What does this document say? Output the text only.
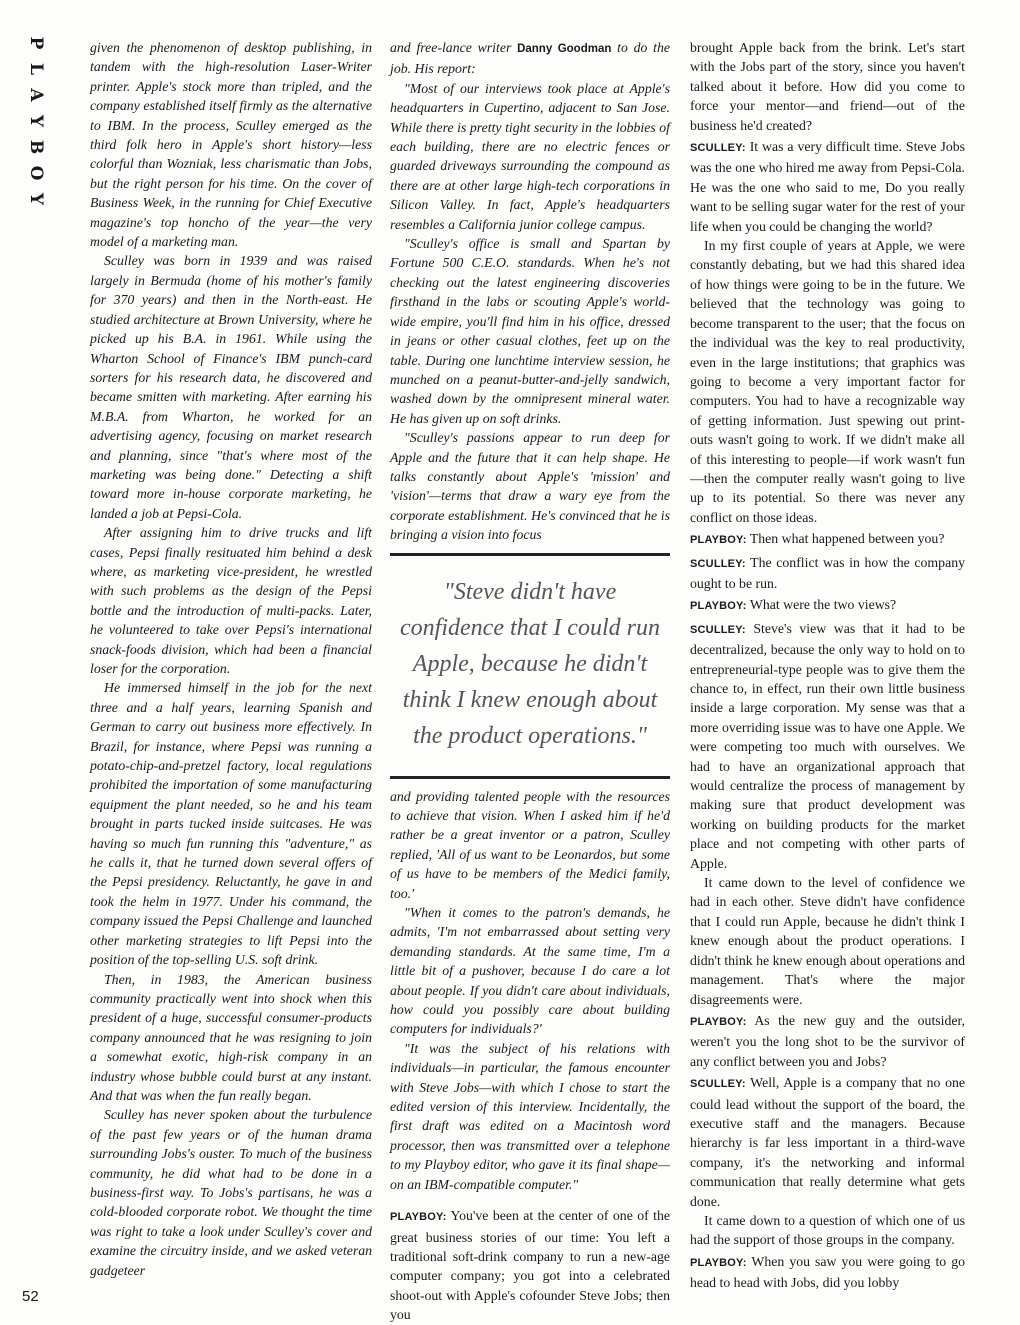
P
L
A
Y
B
O
Y
52

given the phenomenon of desktop publishing, in tandem with the high-resolution Laser-Writer printer. Apple's stock more than tripled, and the company established itself firmly as the alternative to IBM. In the process, Sculley emerged as the third folk hero in Apple's short history—less colorful than Wozniak, less charismatic than Jobs, but the right person for his time. On the cover of Business Week, in the running for Chief Executive magazine's top honcho of the year—the very model of a marketing man.

Sculley was born in 1939 and was raised largely in Bermuda (home of his mother's family for 370 years) and then in the North-east. He studied architecture at Brown University, where he picked up his B.A. in 1961. While using the Wharton School of Finance's IBM punch-card sorters for his research data, he discovered and became smitten with marketing. After earning his M.B.A. from Wharton, he worked for an advertising agency, focusing on market research and planning, since "that's where most of the marketing was being done." Detecting a shift toward more in-house corporate marketing, he landed a job at Pepsi-Cola.

After assigning him to drive trucks and lift cases, Pepsi finally resituated him behind a desk where, as marketing vice-president, he wrestled with such problems as the design of the Pepsi bottle and the introduction of multi-packs. Later, he volunteered to take over Pepsi's international snack-foods division, which had been a financial loser for the corporation.

He immersed himself in the job for the next three and a half years, learning Spanish and German to carry out business more effectively. In Brazil, for instance, where Pepsi was running a potato-chip-and-pretzel factory, local regulations prohibited the importation of some manufacturing equipment the plant needed, so he and his team brought in parts tucked inside suitcases. He was having so much fun running this "adventure," as he calls it, that he turned down several offers of the Pepsi presidency. Reluctantly, he gave in and took the helm in 1977. Under his command, the company issued the Pepsi Challenge and launched other marketing strategies to lift Pepsi into the position of the top-selling U.S. soft drink.

Then, in 1983, the American business community practically went into shock when this president of a huge, successful consumer-products company announced that he was resigning to join a somewhat exotic, high-risk company in an industry whose bubble could burst at any instant. And that was when the fun really began.

Sculley has never spoken about the turbulence of the past few years or of the human drama surrounding Jobs's ouster. To much of the business community, he did what had to be done in a business-first way. To Jobs's partisans, he was a cold-blooded corporate robot. We thought the time was right to take a look under Sculley's cover and examine the circuitry inside, and we asked veteran gadgeteer

and free-lance writer Danny Goodman to do the job. His report:

"Most of our interviews took place at Apple's headquarters in Cupertino, adjacent to San Jose. While there is pretty tight security in the lobbies of each building, there are no electric fences or guarded driveways surrounding the compound as there are at other large high-tech corporations in Silicon Valley. In fact, Apple's headquarters resembles a California junior college campus.

"Sculley's office is small and Spartan by Fortune 500 C.E.O. standards. When he's not checking out the latest engineering discoveries firsthand in the labs or scouting Apple's world-wide empire, you'll find him in his office, dressed in jeans or other casual clothes, feet up on the table. During one lunchtime interview session, he munched on a peanut-butter-and-jelly sandwich, washed down by the omnipresent mineral water. He has given up on soft drinks.

"Sculley's passions appear to run deep for Apple and the future that it can help shape. He talks constantly about Apple's 'mission' and 'vision'—terms that draw a wary eye from the corporate establishment. He's convinced that he is bringing a vision into focus

"Steve didn't have confidence that I could run Apple, because he didn't think I knew enough about the product operations."

and providing talented people with the resources to achieve that vision. When I asked him if he'd rather be a great inventor or a patron, Sculley replied, 'All of us want to be Leonardos, but some of us have to be members of the Medici family, too.'

"When it comes to the patron's demands, he admits, 'I'm not embarrassed about setting very demanding standards. At the same time, I'm a little bit of a pushover, because I do care a lot about people. If you didn't care about individuals, how could you possibly care about building computers for individuals?'

"It was the subject of his relations with individuals—in particular, the famous encounter with Steve Jobs—with which I chose to start the edited version of this interview. Incidentally, the first draft was edited on a Macintosh word processor, then was transmitted over a telephone to my Playboy editor, who gave it its final shape—on an IBM-compatible computer."

PLAYBOY: You've been at the center of one of the great business stories of our time: You left a traditional soft-drink company to run a new-age computer company; you got into a celebrated shoot-out with Apple's cofounder Steve Jobs; then you

brought Apple back from the brink. Let's start with the Jobs part of the story, since you haven't talked about it before. How did you come to force your mentor—and friend—out of the business he'd created?

SCULLEY: It was a very difficult time. Steve Jobs was the one who hired me away from Pepsi-Cola. He was the one who said to me, Do you really want to be selling sugar water for the rest of your life when you could be changing the world?

In my first couple of years at Apple, we were constantly debating, but we had this shared idea of how things were going to be in the future. We believed that the technology was going to become transparent to the user; that the focus on the individual was the key to real productivity, even in the large institutions; that graphics was going to become a very important factor for computers. You had to have a recognizable way of getting information. Just spewing out print-outs wasn't going to work. If we didn't make all of this interesting to people—if work wasn't fun—then the computer really wasn't going to live up to its potential. So there was never any conflict on those ideas.

PLAYBOY: Then what happened between you?

SCULLEY: The conflict was in how the company ought to be run.

PLAYBOY: What were the two views?

SCULLEY: Steve's view was that it had to be decentralized, because the only way to hold on to entrepreneurial-type people was to give them the chance to, in effect, run their own little business inside a large corporation. My sense was that a more overriding issue was to have one Apple. We were competing too much with ourselves. We had to have an organizational approach that would centralize the process of management by making sure that product development was working on building products for the market place and not competing with other parts of Apple.

It came down to the level of confidence we had in each other. Steve didn't have confidence that I could run Apple, because he didn't think I knew enough about the product operations. I didn't think he knew enough about operations and management. That's where the major disagreements were.

PLAYBOY: As the new guy and the outsider, weren't you the long shot to be the survivor of any conflict between you and Jobs?

SCULLEY: Well, Apple is a company that no one could lead without the support of the board, the executive staff and the managers. Because hierarchy is far less important in a third-wave company, it's the networking and informal communication that really determine what gets done.

It came down to a question of which one of us had the support of those groups in the company.

PLAYBOY: When you saw you were going to go head to head with Jobs, did you lobby
